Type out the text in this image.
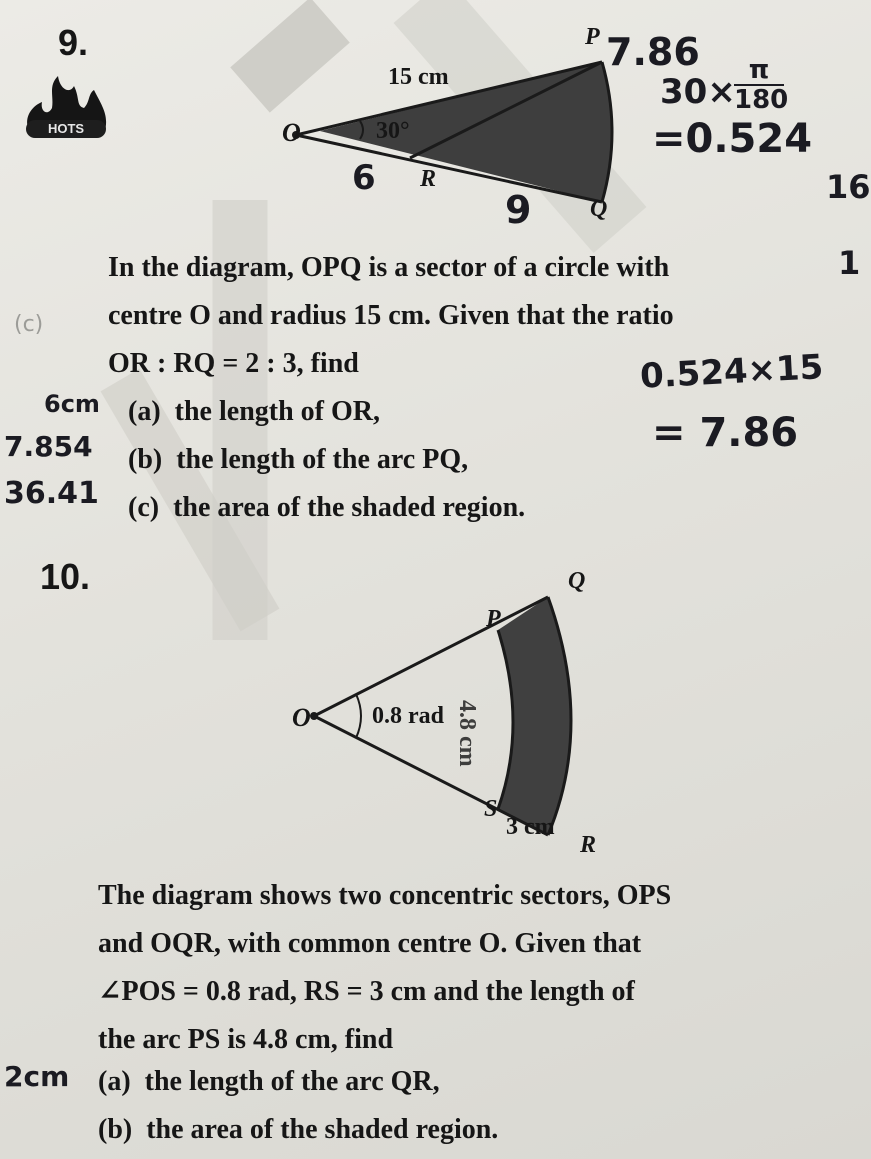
9.
HOTS	O
P
Q
R
15 cm
30°
In the diagram, OPQ is a sector of a circle with
centre O and radius 15 cm. Given that the ratio
OR : RQ = 2 : 3, find
(a) the length of OR,
(b) the length of the arc PQ,
(c) the area of the shaded region.
10.
O
P
Q
R
S
0.8 rad
3 cm
4.8 cm
The diagram shows two concentric sectors, OPS
and OQR, with common centre O. Given that
∠POS = 0.8 rad, RS = 3 cm and the length of
the arc PS is 4.8 cm, find
(a) the length of the arc QR,
(b) the area of the shaded region.
7.86
30×
π
180
=0.524
0.524×15
= 7.86
6
9
6cm
7.854
36.41
2cm
16
1
(c)
